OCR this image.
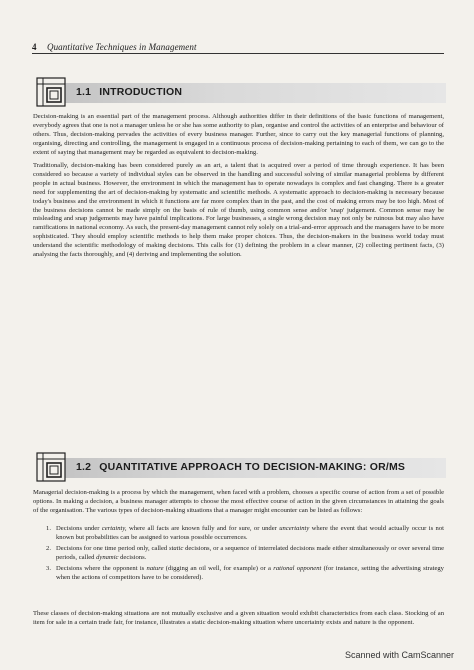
4 Quantitative Techniques in Management
1.1 INTRODUCTION

Decision-making is an essential part of the management process. Although authorities differ in their definitions of the basic functions of management, everybody agrees that one is not a manager unless he or she has some authority to plan, organise and control the activities of an enterprise and behaviour of others. Thus, decision-making pervades the activities of every business manager. Further, since to carry out the key managerial functions of planning, organising, directing and controlling, the management is engaged in a continuous process of decision-making pertaining to each of them, we can go to the extent of saying that management may be regarded as equivalent to decision-making.

Traditionally, decision-making has been considered purely as an art, a talent that is acquired over a period of time through experience. It has been considered so because a variety of individual styles can be observed in the handling and successful solving of similar managerial problems by different people in actual business. However, the environment in which the management has to operate nowadays is complex and fast changing. There is a greater need for supplementing the art of decision-making by systematic and scientific methods. A systematic approach to decision-making is necessary because today's business and the environment in which it functions are far more complex than in the past, and the cost of making errors may be too high. Most of the business decisions cannot be made simply on the basis of rule of thumb, using common sense and/or 'snap' judgement. Common sense may be misleading and snap judgements may have painful implications. For large businesses, a single wrong decision may not only be ruinous but may also have ramifications in national economy. As such, the present-day management cannot rely solely on a trial-and-error approach and the managers have to be more sophisticated. They should employ scientific methods to help them make proper choices. Thus, the decision-makers in the business world today must understand the scientific methodology of making decisions. This calls for (1) defining the problem in a clear manner, (2) collecting pertinent facts, (3) analysing the facts thoroughly, and (4) deriving and implementing the solution.

1.2 QUANTITATIVE APPROACH TO DECISION-MAKING: OR/MS

Managerial decision-making is a process by which the management, when faced with a problem, chooses a specific course of action from a set of possible options. In making a decision, a business manager attempts to choose the most effective course of action in the given circumstances in attaining the goals of the organisation. The various types of decision-making situations that a manager might encounter can be listed as follows:

1. Decisions under certainty, where all facts are known fully and for sure, or under uncertainty where the event that would actually occur is not known but probabilities can be assigned to various possible occurrences.
2. Decisions for one time period only, called static decisions, or a sequence of interrelated decisions made either simultaneously or over several time periods, called dynamic decisions.
3. Decisions where the opponent is nature (digging an oil well, for example) or a rational opponent (for instance, setting the advertising strategy when the actions of competitors have to be considered).

These classes of decision-making situations are not mutually exclusive and a given situation would exhibit characteristics from each class. Stocking of an item for sale in a certain trade fair, for instance, illustrates a static decision-making situation where uncertainty exists and nature is the opponent.

Scanned with CamScanner
